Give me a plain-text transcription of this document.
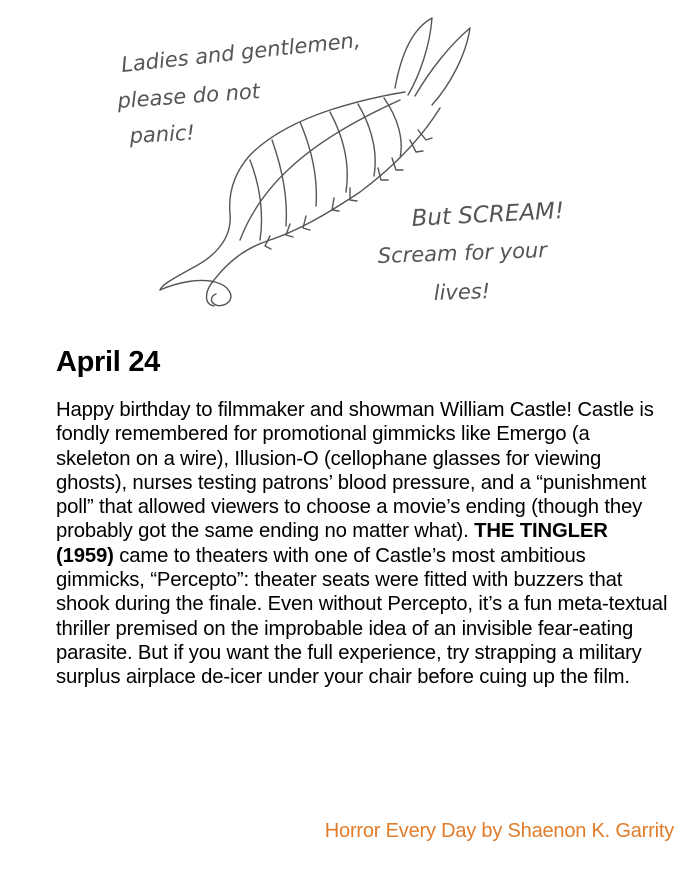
Ladies and gentlemen,
please do not
panic!
But SCREAM!
Scream for your
lives!
April 24

Happy birthday to filmmaker and showman William Castle! Castle is fondly remembered for promotional gimmicks like Emergo (a skeleton on a wire), Illusion-O (cellophane glasses for viewing ghosts), nurses testing patrons’ blood pressure, and a “punishment poll” that allowed viewers to choose a movie’s ending (though they probably got the same ending no matter what). THE TINGLER (1959) came to theaters with one of Castle’s most ambitious gimmicks, “Percepto”: theater seats were fitted with buzzers that shook during the finale. Even without Percepto, it’s a fun meta-textual thriller premised on the improbable idea of an invisible fear-eating parasite. But if you want the full experience, try strapping a military surplus airplace de-icer under your chair before cuing up the film.

Horror Every Day by Shaenon K. Garrity
